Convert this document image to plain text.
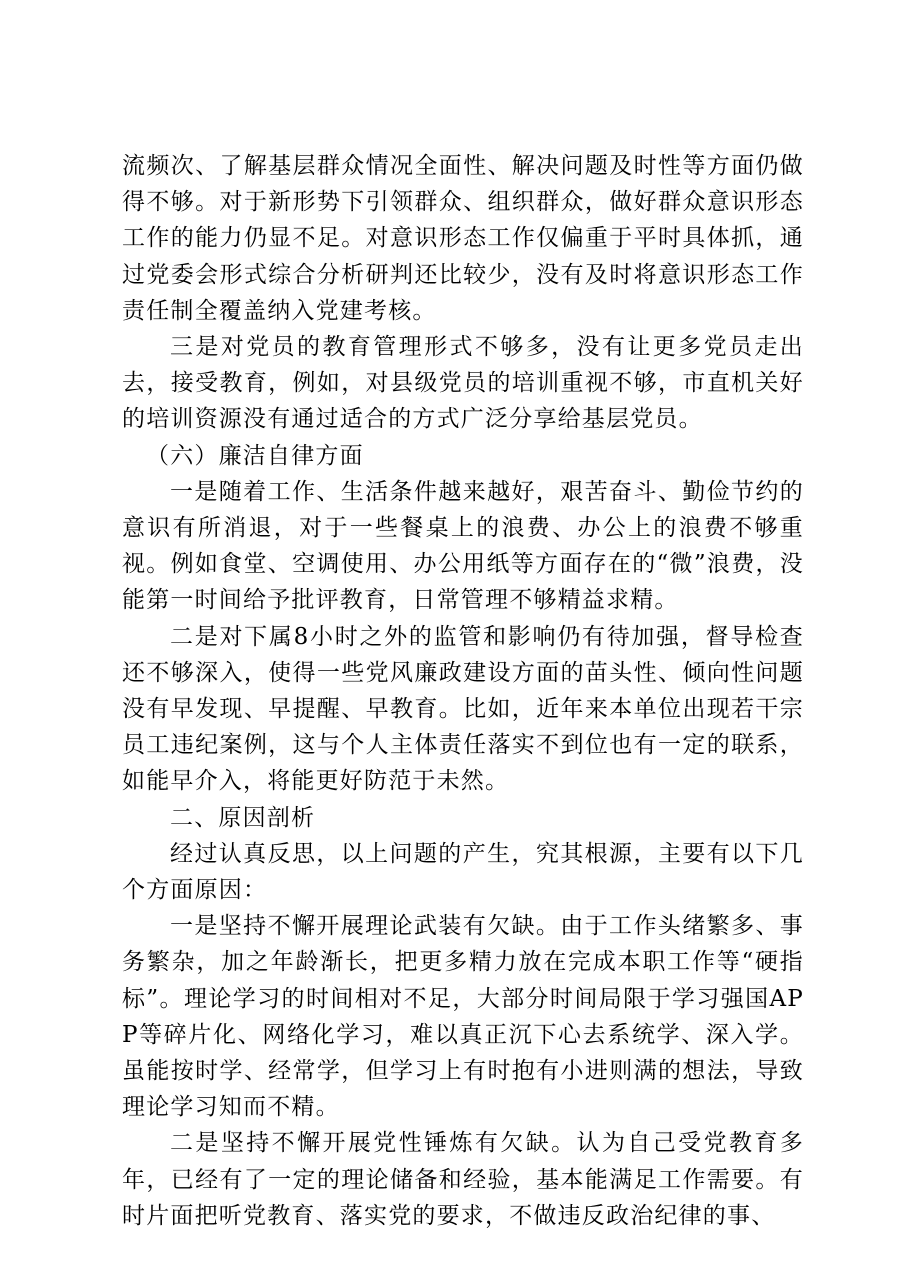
流频次、了解基层群众情况全面性、解决问题及时性等方面仍做得不够。对于新形势下引领群众、组织群众，做好群众意识形态工作的能力仍显不足。对意识形态工作仅偏重于平时具体抓，通过党委会形式综合分析研判还比较少，没有及时将意识形态工作责任制全覆盖纳入党建考核。

三是对党员的教育管理形式不够多，没有让更多党员走出去，接受教育，例如，对县级党员的培训重视不够，市直机关好的培训资源没有通过适合的方式广泛分享给基层党员。

（六）廉洁自律方面

一是随着工作、生活条件越来越好，艰苦奋斗、勤俭节约的意识有所消退，对于一些餐桌上的浪费、办公上的浪费不够重视。例如食堂、空调使用、办公用纸等方面存在的“微”浪费，没能第一时间给予批评教育，日常管理不够精益求精。

二是对下属8小时之外的监管和影响仍有待加强，督导检查还不够深入，使得一些党风廉政建设方面的苗头性、倾向性问题没有早发现、早提醒、早教育。比如，近年来本单位出现若干宗员工违纪案例，这与个人主体责任落实不到位也有一定的联系，如能早介入，将能更好防范于未然。

二、原因剖析

经过认真反思，以上问题的产生，究其根源，主要有以下几个方面原因：

一是坚持不懈开展理论武装有欠缺。由于工作头绪繁多、事务繁杂，加之年龄渐长，把更多精力放在完成本职工作等“硬指标”。理论学习的时间相对不足，大部分时间局限于学习强国APP等碎片化、网络化学习，难以真正沉下心去系统学、深入学。虽能按时学、经常学，但学习上有时抱有小进则满的想法，导致理论学习知而不精。

二是坚持不懈开展党性锤炼有欠缺。认为自己受党教育多年，已经有了一定的理论储备和经验，基本能满足工作需要。有时片面把听党教育、落实党的要求，不做违反政治纪律的事、
